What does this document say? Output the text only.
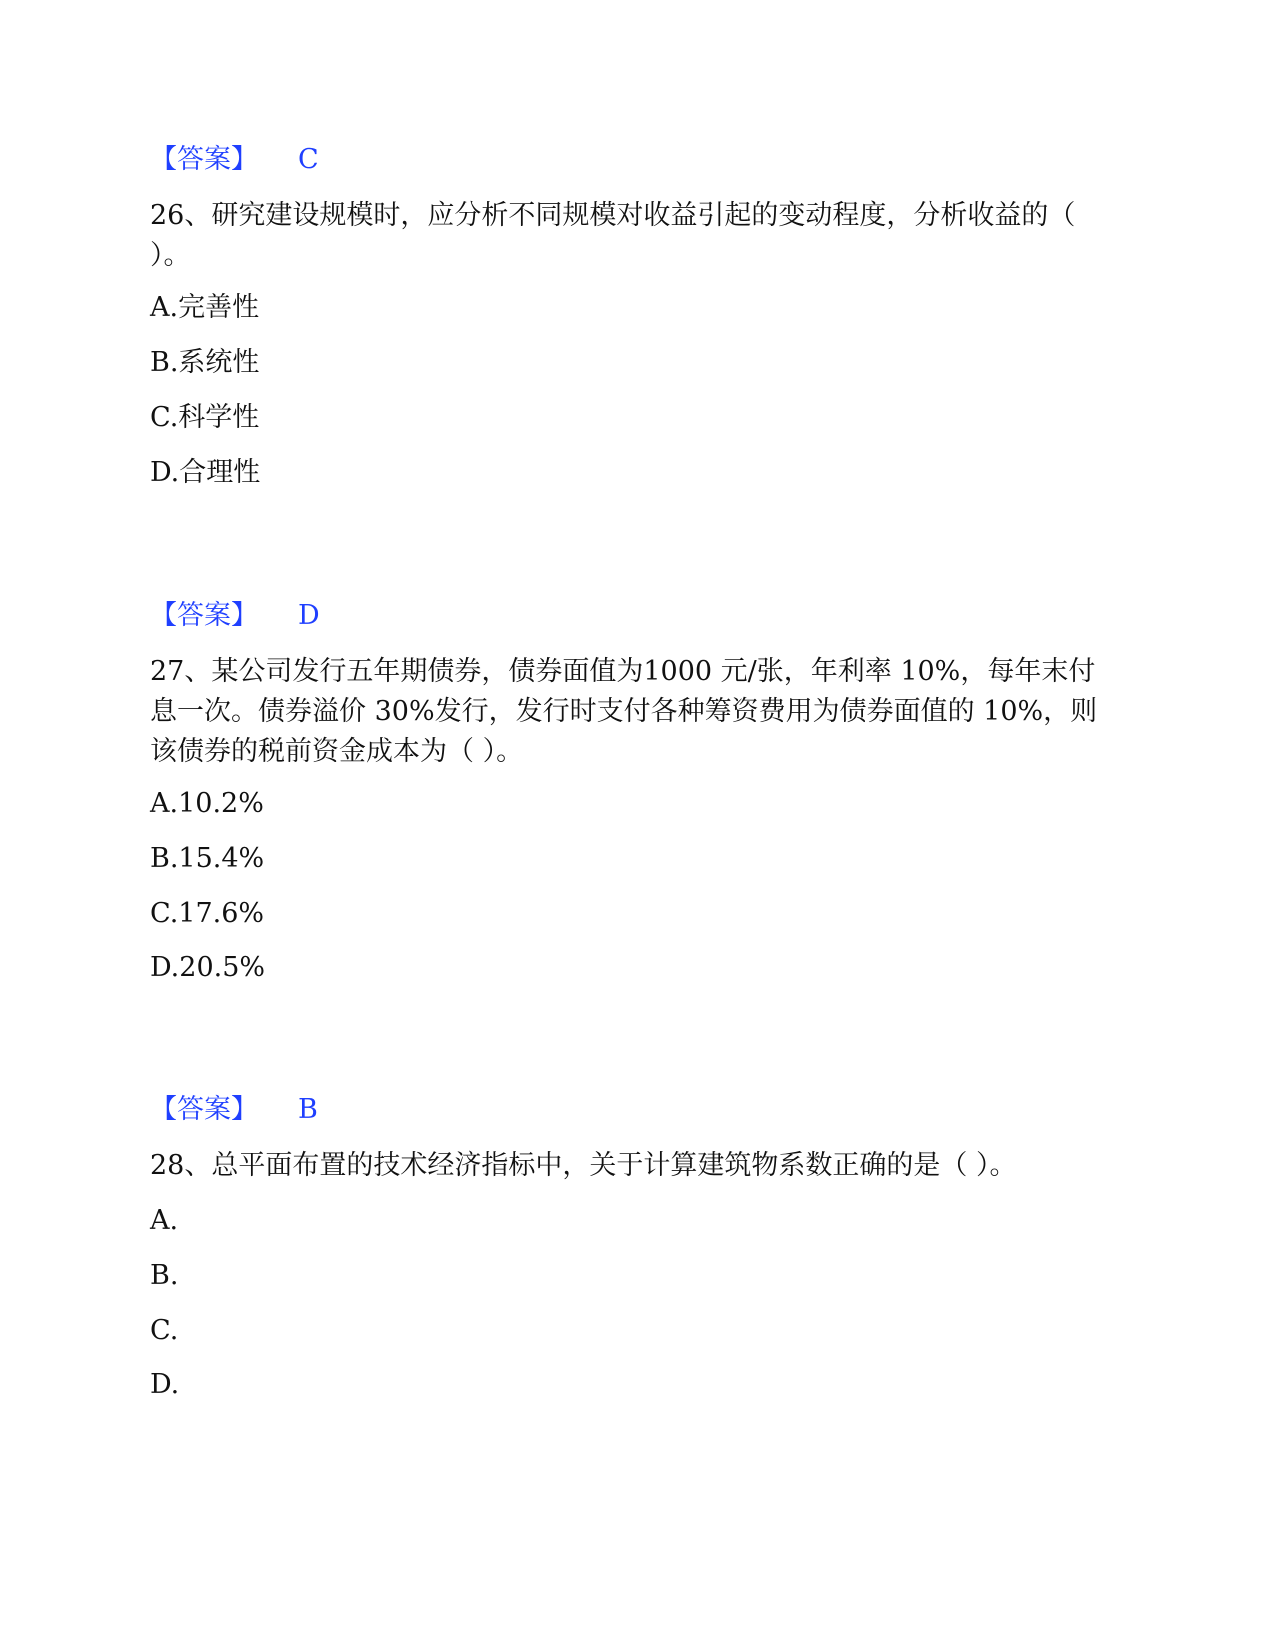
【答案】 C
26、研究建设规模时，应分析不同规模对收益引起的变动程度，分析收益的（ ）。
A.完善性
B.系统性
C.科学性
D.合理性
【答案】 D
27、某公司发行五年期债券，债券面值为1000 元/张，年利率 10%，每年末付息一次。债券溢价 30%发行，发行时支付各种筹资费用为债券面值的 10%，则该债券的税前资金成本为（ ）。
A.10.2%
B.15.4%
C.17.6%
D.20.5%
【答案】 B
28、总平面布置的技术经济指标中，关于计算建筑物系数正确的是（ ）。
A.
B.
C.
D.
